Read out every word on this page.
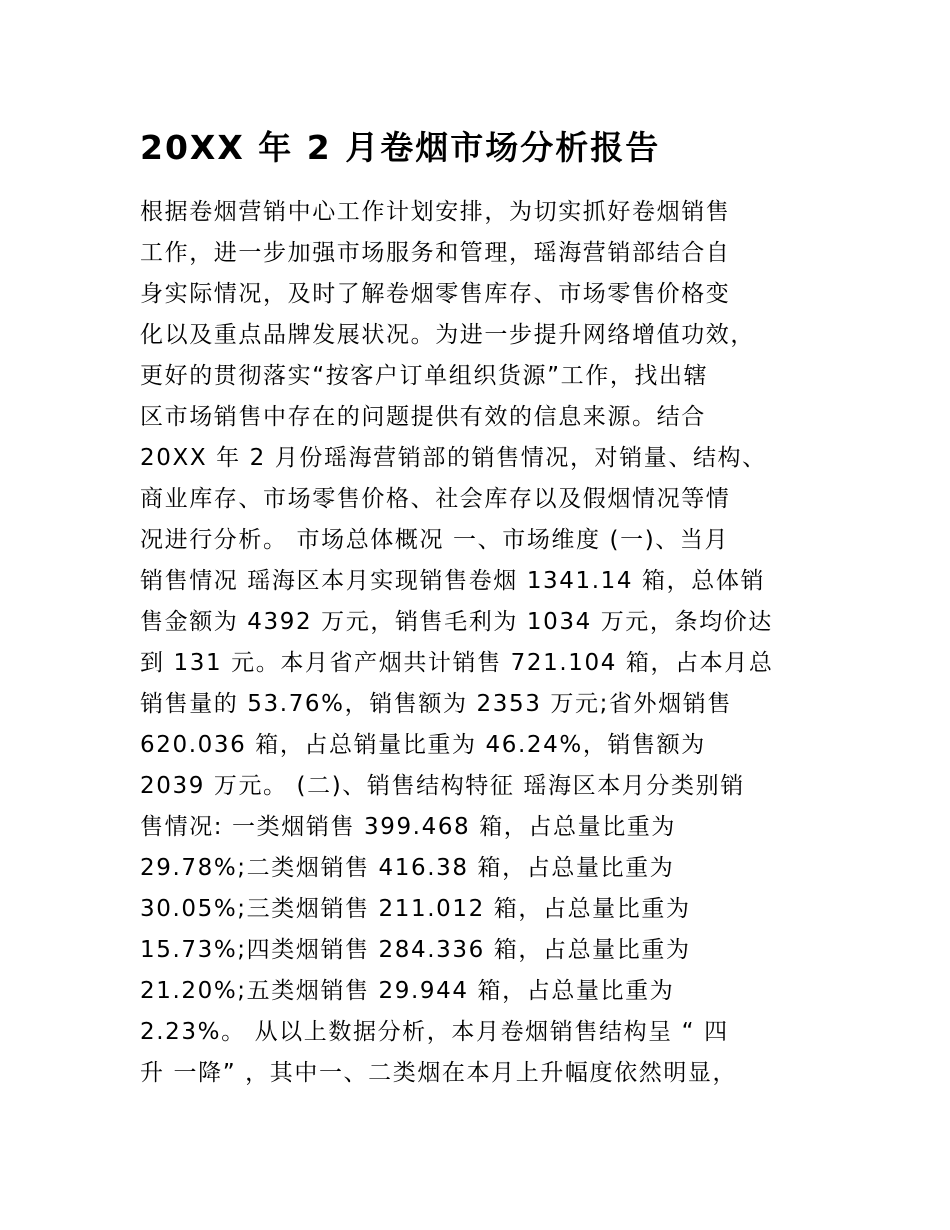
20XX 年 2 月卷烟市场分析报告
根据卷烟营销中心工作计划安排，为切实抓好卷烟销售
工作，进一步加强市场服务和管理，瑶海营销部结合自
身实际情况，及时了解卷烟零售库存、市场零售价格变
化以及重点品牌发展状况。为进一步提升网络增值功效，
更好的贯彻落实“按客户订单组织货源”工作，找出辖
区市场销售中存在的问题提供有效的信息来源。结合
20XX 年 2 月份瑶海营销部的销售情况，对销量、结构、
商业库存、市场零售价格、社会库存以及假烟情况等情
况进行分析。 市场总体概况 一、市场维度 (一)、当月
销售情况 瑶海区本月实现销售卷烟 1341.14 箱，总体销
售金额为 4392 万元，销售毛利为 1034 万元，条均价达
到 131 元。本月省产烟共计销售 721.104 箱，占本月总
销售量的 53.76%，销售额为 2353 万元;省外烟销售
620.036 箱，占总销量比重为 46.24%，销售额为
2039 万元。 (二)、销售结构特征 瑶海区本月分类别销
售情况: 一类烟销售 399.468 箱，占总量比重为
29.78%;二类烟销售 416.38 箱，占总量比重为
30.05%;三类烟销售 211.012 箱，占总量比重为
15.73%;四类烟销售 284.336 箱，占总量比重为
21.20%;五类烟销售 29.944 箱，占总量比重为
2.23%。 从以上数据分析，本月卷烟销售结构呈 “ 四
升 一降” ，其中一、二类烟在本月上升幅度依然明显，
